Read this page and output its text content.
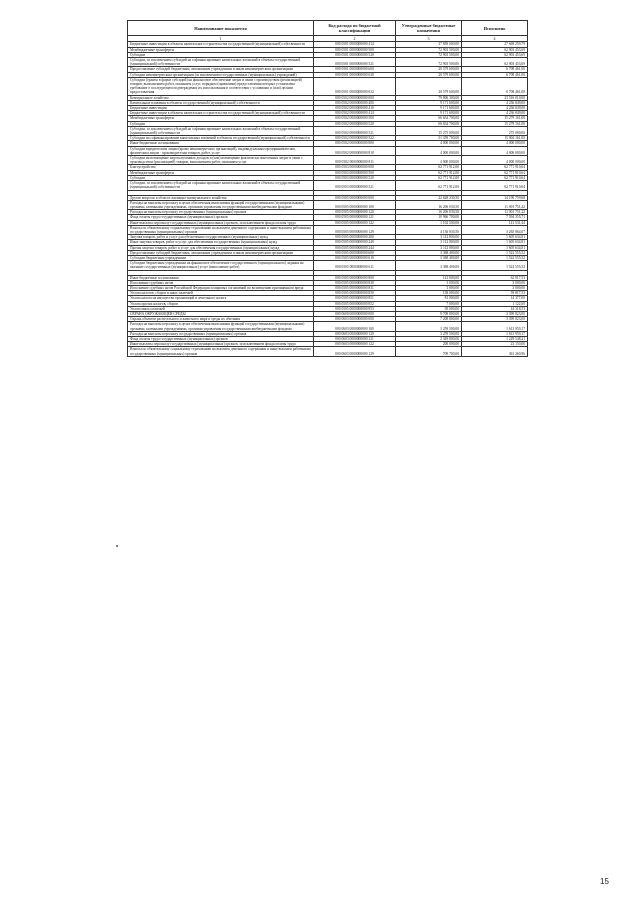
Наименование показателя	Код расхода по бюджетной классификации	Утвержденные бюджетные назначения	Исполнено
1	2	3	4
Бюджетные инвестиции в объекты капитального строительства государственной (муниципальной) собственности	000 0501 0000000000 414	37 858 000,00	27 669 259,79
Межбюджетные трансферты	000 0501 0000000000 500	72 903 500,00	62 903 453,69
Субсидии	000 0501 0000000000 520	72 903 500,00	62 903 453,69
Субсидии, за исключением субсидий на софинансирование капитальных вложений в объекты государственной (муниципальной) собственности	000 0501 0000000000 521	72 903 500,00	62 903 453,69
Предоставление субсидий бюджетным, автономным учреждениям и иным некоммерческим организациям	000 0501 0000000000 600	20 579 600,00	6 708 461,00
Субсидии некоммерческим организациям (за исключением государственных (муниципальных) учреждений)	000 0501 0000000000 630	20 579 600,00	6 708 461,00
Субсидии (гранты в форме субсидий) на финансовое обеспечение затрат в связи с производством (реализацией) товаров, выполнением работ, оказанием услуг, порядком (правилами) предоставления которых установлено требование о последующем подтверждении их использования в соответствии с условиями и (или) целями предоставления	000 0501 0000000000 632	20 579 600,00	6 708 461,00
Коммунальное хозяйство	000 0502 0000000000 000	79 806 300,00	23 516 010,00
Капитальные вложения в объекты государственной (муниципальной) собственности	000 0502 0000000000 400	9 171 600,00	4 236 849,00
Бюджетные инвестиции	000 0502 0000000000 410	9 171 600,00	4 236 849,00
Бюджетные инвестиции в объекты капитального строительства государственной (муниципальной) собственности	000 0502 0000000000 414	9 171 600,00	4 236 849,00
Межбюджетные трансферты	000 0502 0000000000 500	66 634 700,00	15 279 161,00
Субсидии	000 0502 0000000000 520	66 634 700,00	15 279 161,00
Субсидии, за исключением субсидий на софинансирование капитальных вложений в объекты государственной (муниципальной) собственности	000 0502 0000000000 521	15 275 000,00	275 000,00
Субсидии на софинансирование капитальных вложений в объекты государственной (муниципальной) собственности	000 0502 0000000000 522	51 359 700,00	15 004 161,00
Иные бюджетные ассигнования	000 0502 0000000000 800	4 000 000,00	4 000 000,00
Субсидии юридическим лицам (кроме некоммерческих организаций), индивидуальным предпринимателям, физическим лицам - производителям товаров, работ, услуг	000 0502 0000000000 810	4 000 000,00	4 000 000,00
Субсидии на возмещение недополученных доходов и (или) возмещение фактически понесенных затрат в связи с производством (реализацией) товаров, выполнением работ, оказанием услуг	000 0502 0000000000 811	4 000 000,00	4 000 000,00
Благоустройство	000 0503 0000000000 000	62 771 912,00	62 771 910,64
Межбюджетные трансферты	000 0503 0000000000 500	62 771 912,00	62 771 910,64
Субсидии	000 0503 0000000000 520	62 771 912,00	62 771 910,64
Субсидии, за исключением субсидий на софинансирование капитальных вложений в объекты государственной (муниципальной) собственности	000 0503 0000000000 521	62 771 912,00	62 771 910,64

Другие вопросы в области жилищно-коммунального хозяйства	000 0505 0000000000 000	22 628 230,50	14 190 759,68
Расходы на выплаты персоналу в целях обеспечения выполнения функций государственными (муниципальными) органами, казенными учреждениями, органами управления государственными внебюджетными фондами	000 0505 0000000000 100	16 206 030,50	11 001 751,22
Расходы на выплаты персоналу государственных (муниципальных) органов	000 0505 0000000000 120	16 206 030,50	11 001 751,22
Фонд оплаты труда государственных (муниципальных) органов	000 0505 0000000000 121	10 966 700,00	7 594 355,71
Иные выплаты персоналу государственных (муниципальных) органов, за исключением фонда оплаты труда	000 0505 0000000000 122	1 102 500,00	141 531,44
Взносы по обязательному социальному страхованию на выплаты денежного содержания и иные выплаты работникам государственных (муниципальных) органов	000 0505 0000000000 129	4 136 830,50	3 265 864,07
Закупка товаров, работ и услуг для обеспечения государственных (муниципальных) нужд	000 0505 0000000000 200	3 112 800,00	1 605 634,81
Иные закупки товаров, работ и услуг для обеспечения государственных (муниципальных) нужд	000 0505 0000000000 240	3 112 800,00	1 605 634,81
Прочая закупка товаров, работ и услуг для обеспечения государственных (муниципальных) нужд	000 0505 0000000000 244	3 112 800,00	1 605 634,81
Предоставление субсидий бюджетным, автономным учреждениям и иным некоммерческим организациям	000 0505 0000000000 600	3 368 400,00	1 522 555,52
Субсидии бюджетным учреждениям	000 0505 0000000000 610	3 368 400,00	1 522 555,52
Субсидии бюджетным учреждениям на финансовое обеспечение государственного (муниципального) задания на оказание государственных (муниципальных) услуг (выполнение работ)	000 0505 0000000000 611	3 368 400,00	1 522 555,52

Иные бюджетные ассигнования	000 0505 0000000000 800	141 000,00	62 817,53
Исполнение судебных актов	000 0505 0000000000 830	3 000,00	3 000,00
Исполнение судебных актов Российской Федерации и мировых соглашений по возмещению причиненного вреда	000 0505 0000000000 831	3 000,00	3 000,00
Уплата налогов, сборов и иных платежей	000 0505 0000000000 850	138 000,00	59 817,53
Уплата налога на имущество организаций и земельного налога	000 0505 0000000000 851	81 000,00	14 377,00
Уплата прочих налогов, сборов	000 0505 0000000000 852	7 000,00	1 122,00
Уплата иных платежей	000 0505 0000000000 853	50 000,00	44 318,53
ОХРАНА ОКРУЖАЮЩЕЙ СРЕДЫ	000 0600 0000000000 000	9 708 800,00	3 399 823,00
Охрана объектов растительного и животного мира и среды их обитания	000 0603 0000000000 000	7 208 800,00	3 399 823,00
Расходы на выплаты персоналу в целях обеспечения выполнения функций государственными (муниципальными) органами, казенными учреждениями, органами управления государственными внебюджетными фондами	000 0603 0000000000 100	3 259 500,00	1 613 959,17
Расходы на выплаты персоналу государственных (муниципальных) органов	000 0603 0000000000 120	3 259 500,00	1 613 959,17
Фонд оплаты труда государственных (муниципальных) органов	000 0603 0000000000 121	2 349 800,00	1 229 548,21
Иные выплаты персоналу государственных (муниципальных) органов, за исключением фонда оплаты труда	000 0603 0000000000 122	200 000,00	23 150,00
Взносы по обязательному социальному страхованию на выплаты денежного содержания и иные выплаты работникам государственных (муниципальных) органов	000 0603 0000000000 129	709 700,00	361 260,96
15
